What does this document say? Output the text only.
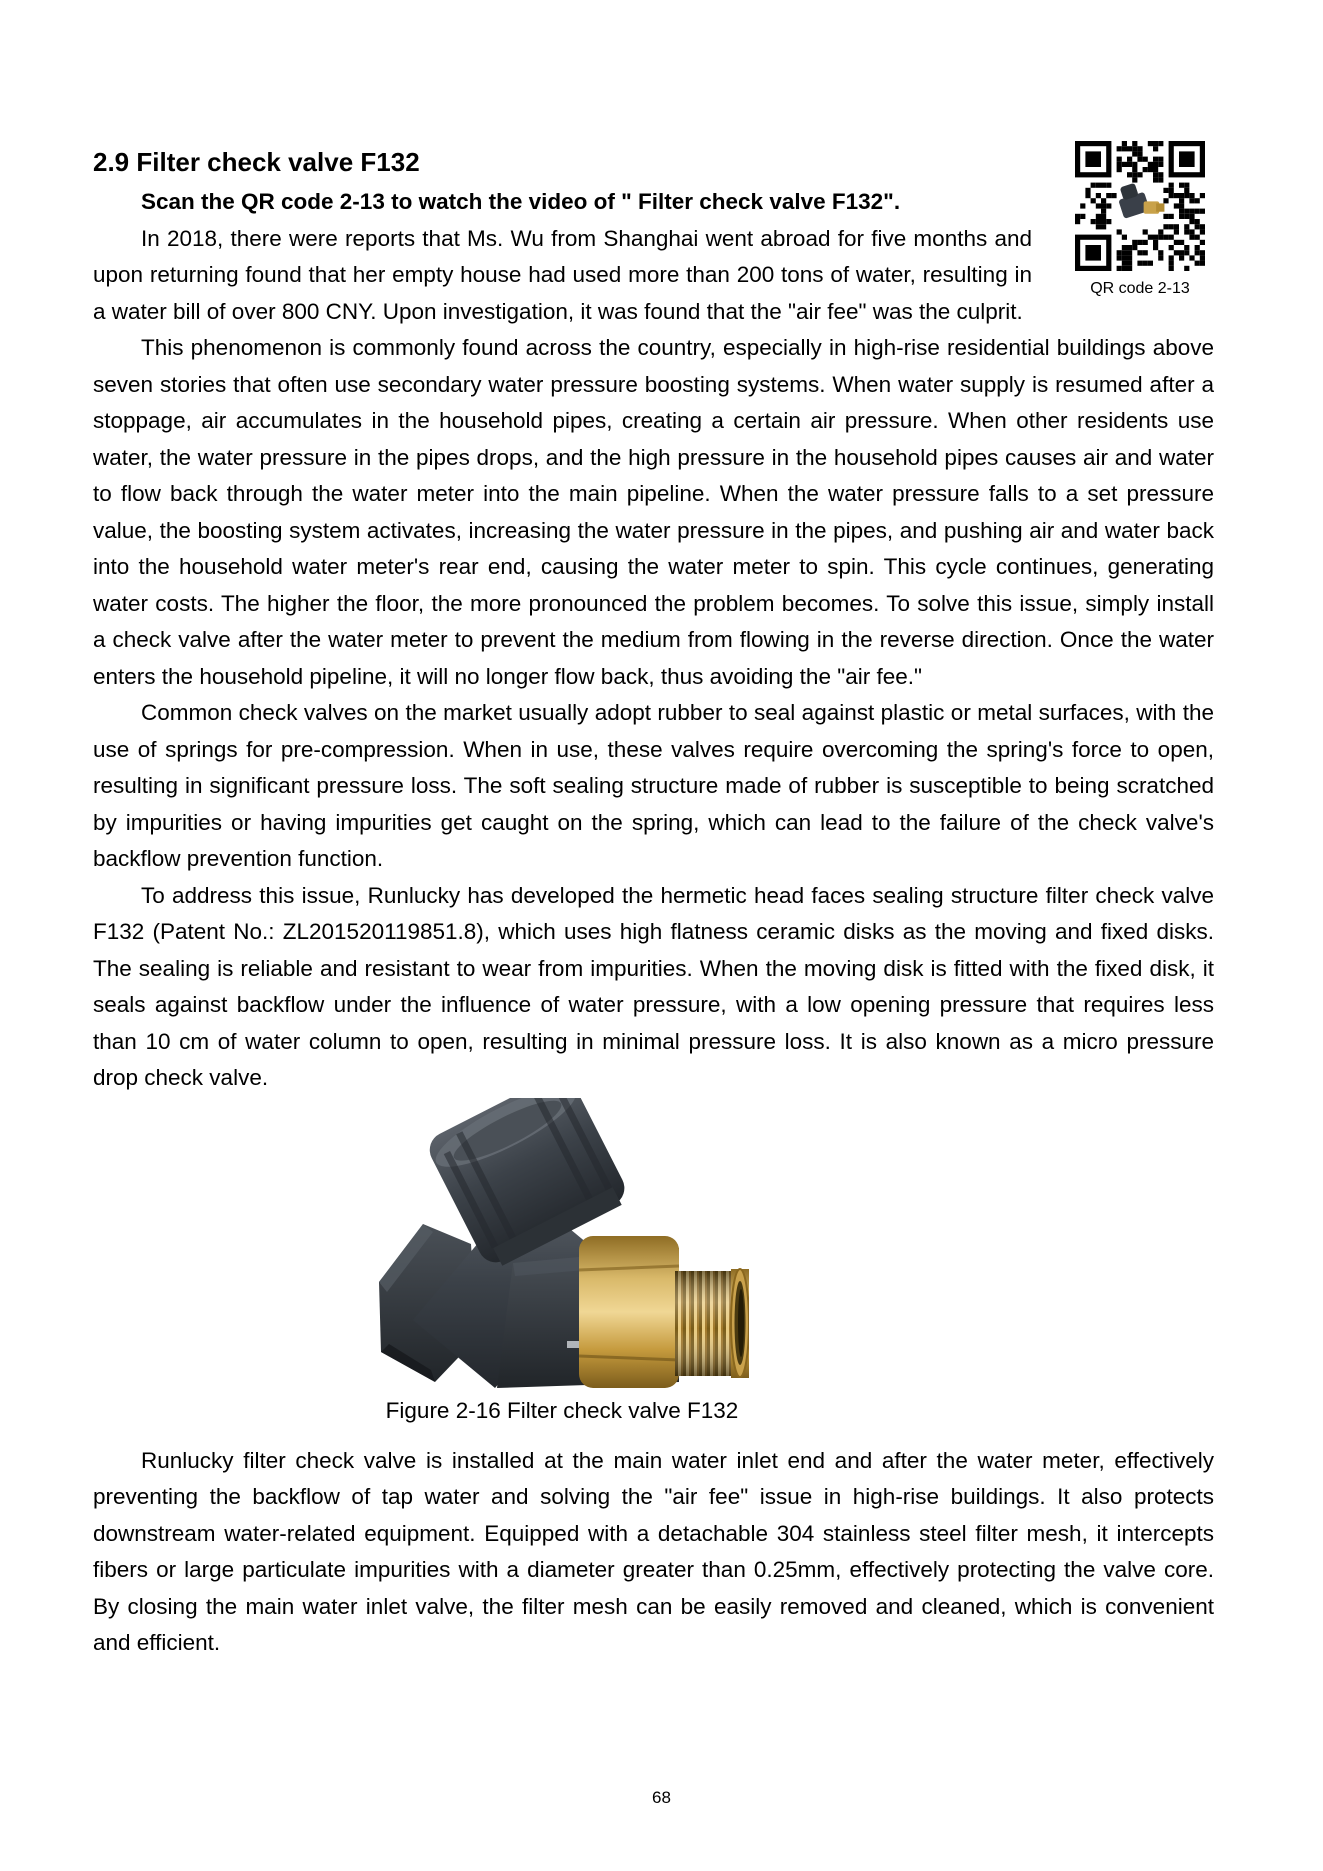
QR code 2-13
2.9 Filter check valve F132

Scan the QR code 2-13 to watch the video of " Filter check valve F132".

In 2018, there were reports that Ms. Wu from Shanghai went abroad for five months and upon returning found that her empty house had used more than 200 tons of water, resulting in a water bill of over 800 CNY. Upon investigation, it was found that the "air fee" was the culprit.

This phenomenon is commonly found across the country, especially in high-rise residential buildings above seven stories that often use secondary water pressure boosting systems. When water supply is resumed after a stoppage, air accumulates in the household pipes, creating a certain air pressure. When other residents use water, the water pressure in the pipes drops, and the high pressure in the household pipes causes air and water to flow back through the water meter into the main pipeline. When the water pressure falls to a set pressure value, the boosting system activates, increasing the water pressure in the pipes, and pushing air and water back into the household water meter's rear end, causing the water meter to spin. This cycle continues, generating water costs. The higher the floor, the more pronounced the problem becomes. To solve this issue, simply install a check valve after the water meter to prevent the medium from flowing in the reverse direction. Once the water enters the household pipeline, it will no longer flow back, thus avoiding the "air fee."

Common check valves on the market usually adopt rubber to seal against plastic or metal surfaces, with the use of springs for pre-compression. When in use, these valves require overcoming the spring's force to open, resulting in significant pressure loss. The soft sealing structure made of rubber is susceptible to being scratched by impurities or having impurities get caught on the spring, which can lead to the failure of the check valve's backflow prevention function.

To address this issue, Runlucky has developed the hermetic head faces sealing structure filter check valve F132 (Patent No.: ZL201520119851.8), which uses high flatness ceramic disks as the moving and fixed disks. The sealing is reliable and resistant to wear from impurities. When the moving disk is fitted with the fixed disk, it seals against backflow under the influence of water pressure, with a low opening pressure that requires less than 10 cm of water column to open, resulting in minimal pressure loss. It is also known as a micro pressure drop check valve.

Figure 2-16 Filter check valve F132

Runlucky filter check valve is installed at the main water inlet end and after the water meter, effectively preventing the backflow of tap water and solving the "air fee" issue in high-rise buildings. It also protects downstream water-related equipment. Equipped with a detachable 304 stainless steel filter mesh, it intercepts fibers or large particulate impurities with a diameter greater than 0.25mm, effectively protecting the valve core. By closing the main water inlet valve, the filter mesh can be easily removed and cleaned, which is convenient and efficient.

68
